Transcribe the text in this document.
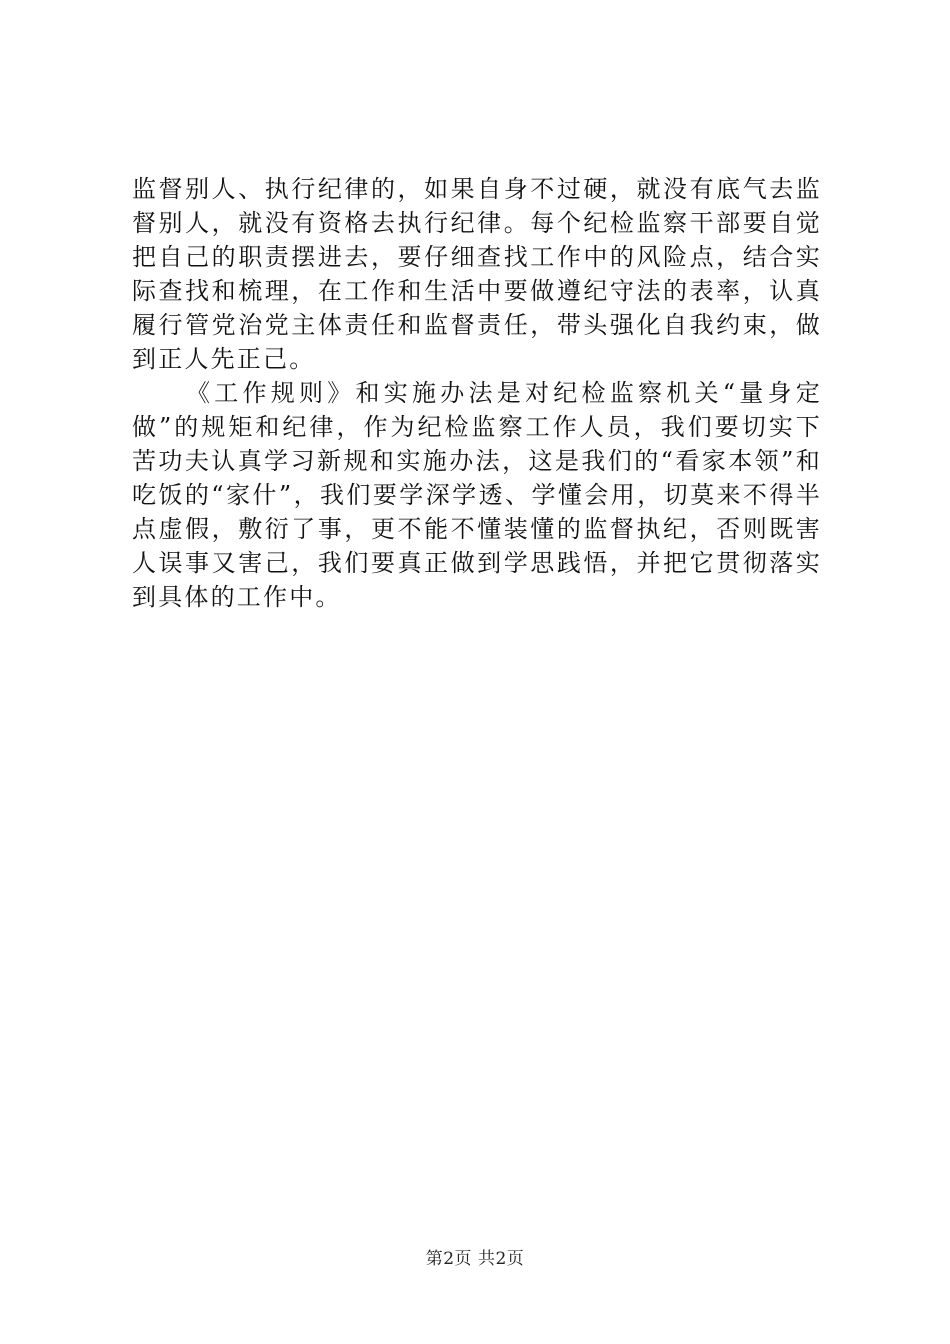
监督别人、执行纪律的，如果自身不过硬，就没有底气去监督别人，就没有资格去执行纪律。每个纪检监察干部要自觉把自己的职责摆进去，要仔细查找工作中的风险点，结合实际查找和梳理，在工作和生活中要做遵纪守法的表率，认真履行管党治党主体责任和监督责任，带头强化自我约束，做到正人先正己。

《工作规则》和实施办法是对纪检监察机关“量身定做”的规矩和纪律，作为纪检监察工作人员，我们要切实下苦功夫认真学习新规和实施办法，这是我们的“看家本领”和吃饭的“家什”，我们要学深学透、学懂会用，切莫来不得半点虚假，敷衍了事，更不能不懂装懂的监督执纪，否则既害人误事又害己，我们要真正做到学思践悟，并把它贯彻落实到具体的工作中。

第2页 共2页
